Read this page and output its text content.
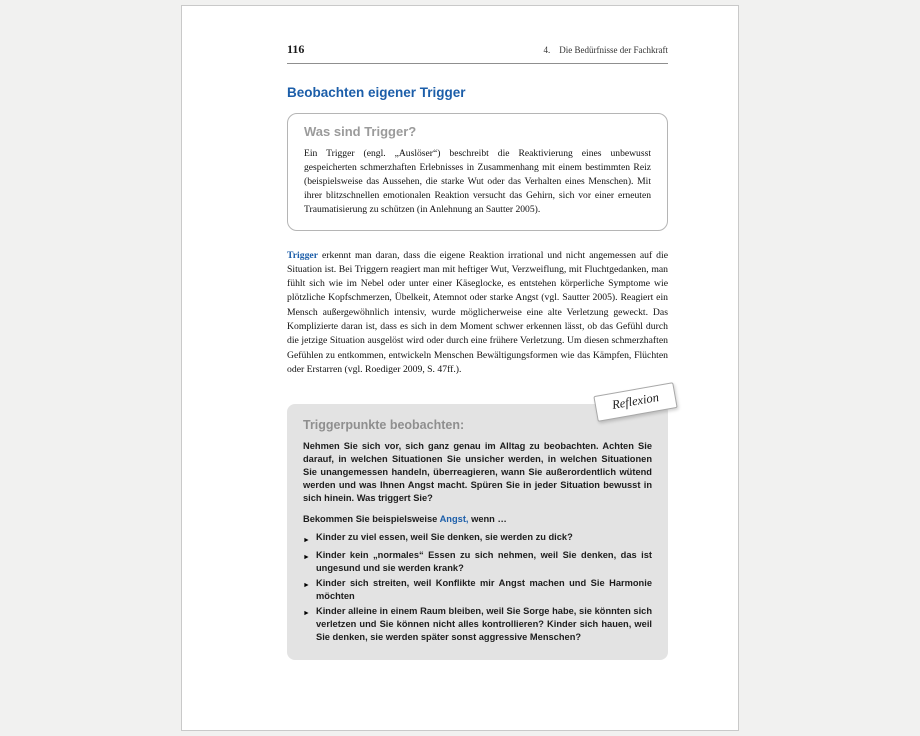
116	4. Die Bedürfnisse der Fachkraft
Beobachten eigener Trigger
Was sind Trigger?

Ein Trigger (engl. „Auslöser“) beschreibt die Reaktivierung eines unbewusst gespeicherten schmerzhaften Erlebnisses in Zusammenhang mit einem bestimmten Reiz (beispielsweise das Aussehen, die starke Wut oder das Verhalten eines Menschen). Mit ihrer blitzschnellen emotionalen Reaktion versucht das Gehirn, sich vor einer erneuten Traumatisierung zu schützen (in Anlehnung an Sautter 2005).

Trigger erkennt man daran, dass die eigene Reaktion irrational und nicht angemessen auf die Situation ist. Bei Triggern reagiert man mit heftiger Wut, Verzweiflung, mit Fluchtgedanken, man fühlt sich wie im Nebel oder unter einer Käseglocke, es entstehen körperliche Symptome wie plötzliche Kopfschmerzen, Übelkeit, Atemnot oder starke Angst (vgl. Sautter 2005). Reagiert ein Mensch außergewöhnlich intensiv, wurde möglicherweise eine alte Verletzung geweckt. Das Komplizierte daran ist, dass es sich in dem Moment schwer erkennen lässt, ob das Gefühl durch die jetzige Situation ausgelöst wird oder durch eine frühere Verletzung. Um diesen schmerzhaften Gefühlen zu entkommen, entwickeln Menschen Bewältigungsformen wie das Kämpfen, Flüchten oder Erstarren (vgl. Roediger 2009, S. 47ff.).

Reflexion
Triggerpunkte beobachten:

Nehmen Sie sich vor, sich ganz genau im Alltag zu beobachten. Achten Sie darauf, in welchen Situationen Sie unsicher werden, in welchen Situationen Sie unangemessen handeln, überreagieren, wann Sie außerordentlich wütend werden und was Ihnen Angst macht. Spüren Sie in jeder Situation bewusst in sich hinein. Was triggert Sie?

Bekommen Sie beispielsweise Angst, wenn …

► Kinder zu viel essen, weil Sie denken, sie werden zu dick?
► Kinder kein „normales“ Essen zu sich nehmen, weil Sie denken, das ist ungesund und sie werden krank?
► Kinder sich streiten, weil Konflikte mir Angst machen und Sie Harmonie möchten
► Kinder alleine in einem Raum bleiben, weil Sie Sorge habe, sie könnten sich verletzen und Sie können nicht alles kontrollieren? Kinder sich hauen, weil Sie denken, sie werden später sonst aggressive Menschen?
